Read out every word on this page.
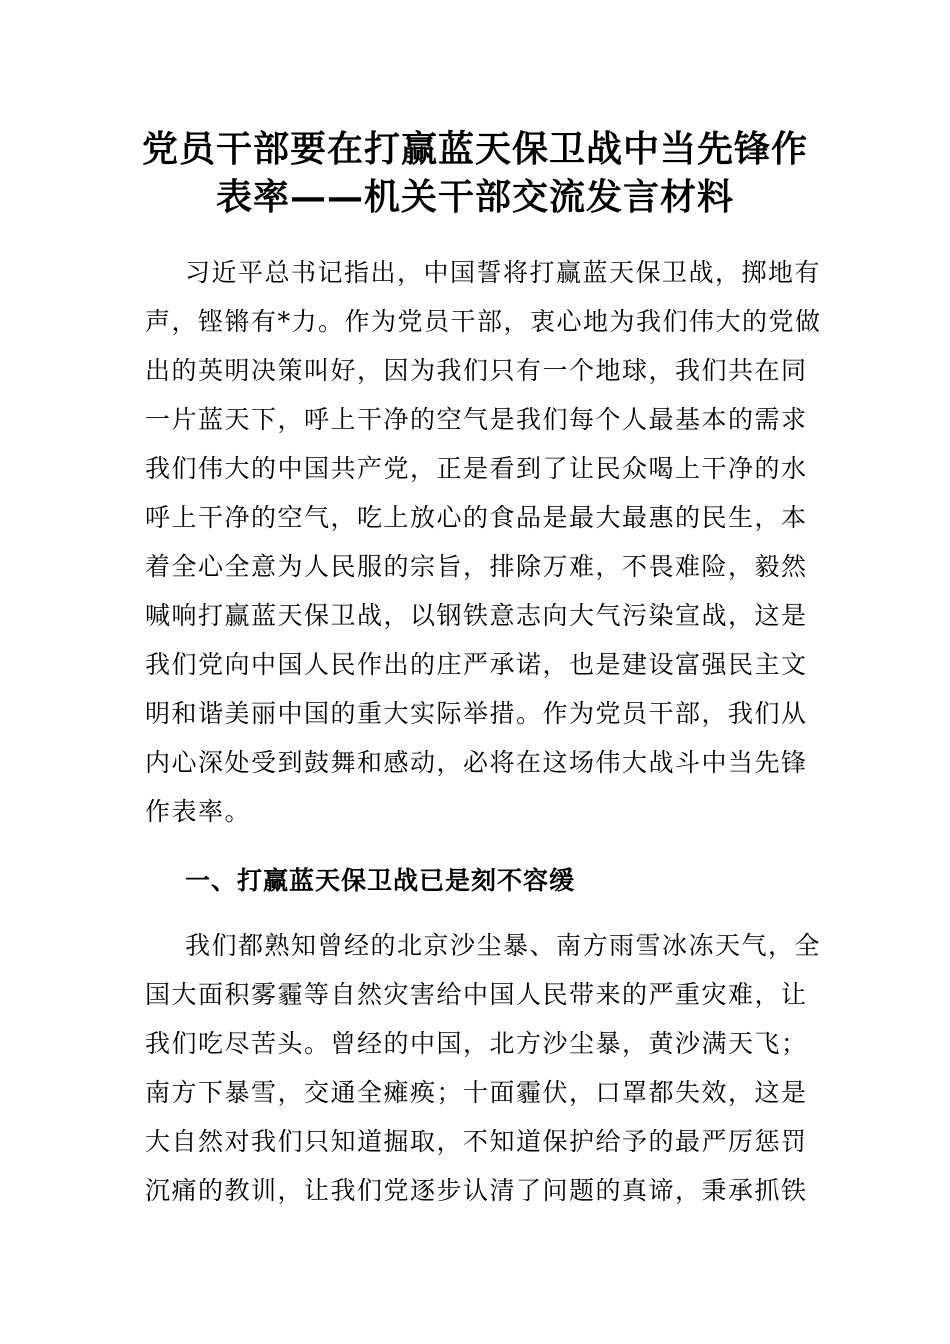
党员干部要在打赢蓝天保卫战中当先锋作
表率——机关干部交流发言材料
习近平总书记指出，中国誓将打赢蓝天保卫战，掷地有
声，铿锵有*力。作为党员干部，衷心地为我们伟大的党做
出的英明决策叫好，因为我们只有一个地球，我们共在同
一片蓝天下，呼上干净的空气是我们每个人最基本的需求
我们伟大的中国共产党，正是看到了让民众喝上干净的水
呼上干净的空气，吃上放心的食品是最大最惠的民生，本
着全心全意为人民服的宗旨，排除万难，不畏难险，毅然
喊响打赢蓝天保卫战，以钢铁意志向大气污染宣战，这是
我们党向中国人民作出的庄严承诺，也是建设富强民主文
明和谐美丽中国的重大实际举措。作为党员干部，我们从
内心深处受到鼓舞和感动，必将在这场伟大战斗中当先锋
作表率。
一、打赢蓝天保卫战已是刻不容缓
我们都熟知曾经的北京沙尘暴、南方雨雪冰冻天气，全
国大面积雾霾等自然灾害给中国人民带来的严重灾难，让
我们吃尽苦头。曾经的中国，北方沙尘暴，黄沙满天飞；
南方下暴雪，交通全瘫痪；十面霾伏，口罩都失效，这是
大自然对我们只知道掘取，不知道保护给予的最严厉惩罚
沉痛的教训，让我们党逐步认清了问题的真谛，秉承抓铁
